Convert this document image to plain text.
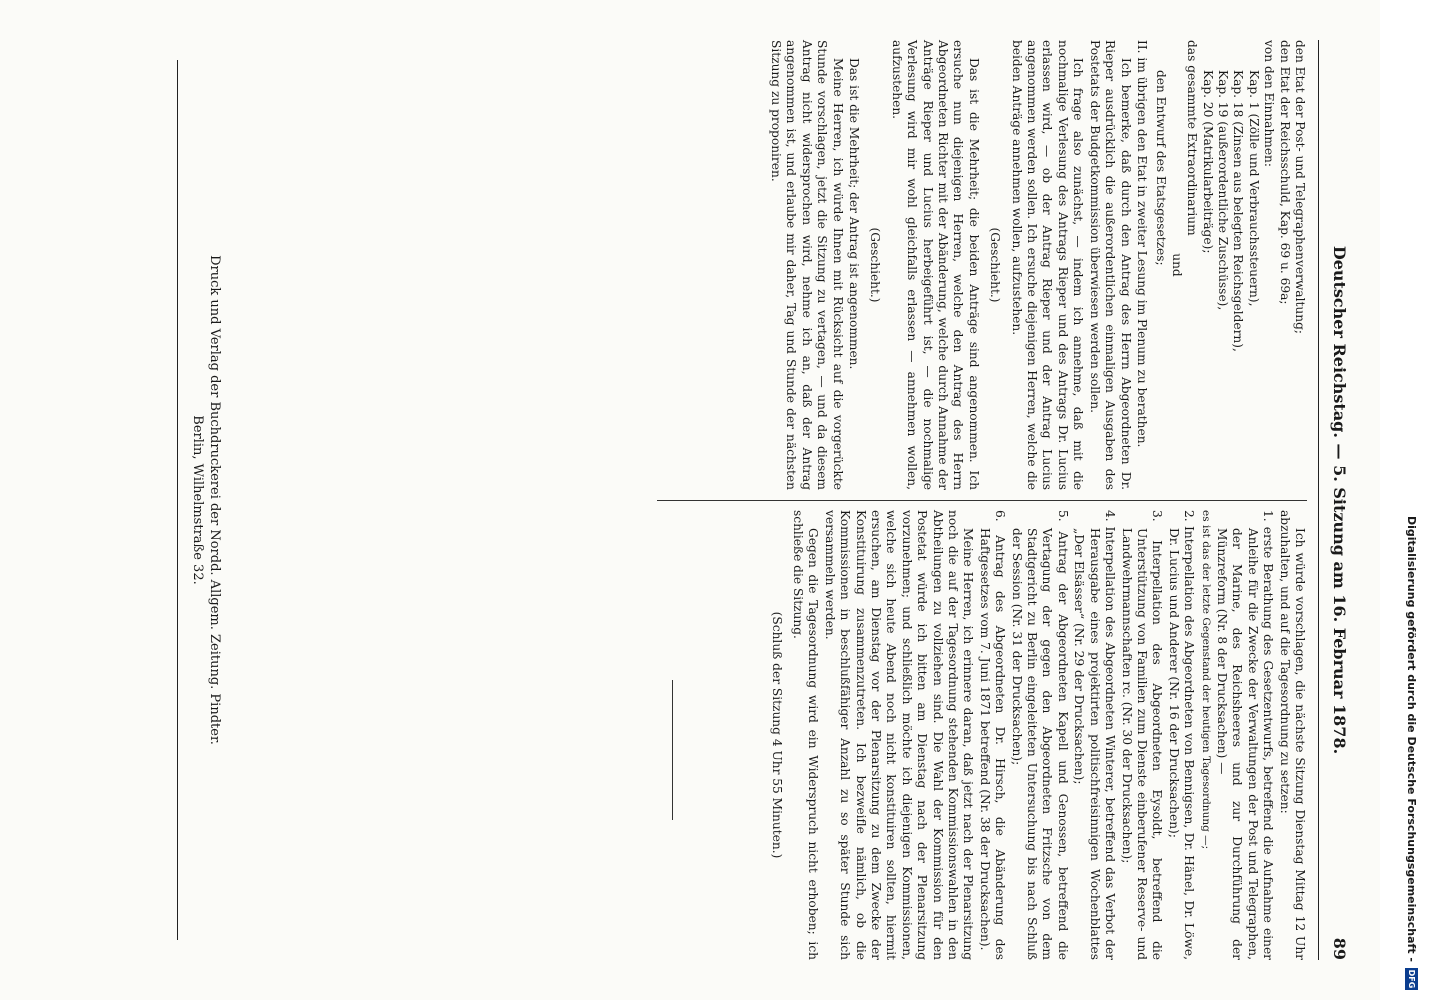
Deutscher Reichstag. — 5. Sitzung am 16. Februar 1878.
89

den Etat der Post- und Telegraphenverwaltung;

den Etat der Reichsschuld, Kap. 69 u. 69a;

von den Einnahmen:

Kap. 1 (Zölle und Verbrauchssteuern),

Kap. 18 (Zinsen aus belegten Reichsgeldern),

Kap. 19 (außerordentliche Zuschüsse),

Kap. 20 (Matrikularbeiträge);

das gesammte Extraordinarium

und

den Entwurf des Etatsgesetzes;

II. im übrigen den Etat in zweiter Lesung im Plenum zu berathen.

Ich bemerke, daß durch den Antrag des Herrn Abgeordneten Dr. Rieper ausdrücklich die außerordentlichen einmaligen Ausgaben des Postetats der Budgetkommission überwiesen werden sollen.

Ich frage also zunächst, — indem ich annehme, daß mit die nochmalige Verlesung des Antrags Rieper und des Antrags Dr. Lucius erlassen wird, — ob der Antrag Rieper und der Antrag Lucius angenommen werden sollen. Ich ersuche diejenigen Herren, welche die beiden Anträge annehmen wollen, aufzustehen.

(Geschieht.)

Das ist die Mehrheit; die beiden Anträge sind angenommen. Ich ersuche nun diejenigen Herren, welche den Antrag des Herrn Abgeordneten Richter mit der Abänderung, welche durch Annahme der Anträge Rieper und Lucius herbeigeführt ist, — die nochmalige Verlesung wird mir wohl gleichfalls erlassen — annehmen wollen, aufzustehen.

(Geschieht.)

Das ist die Mehrheit; der Antrag ist angenommen.

Meine Herren, ich würde Ihnen mit Rücksicht auf die vorgerückte Stunde vorschlagen, jetzt die Sitzung zu vertagen, — und da diesem Antrag nicht widersprochen wird, nehme ich an, daß der Antrag angenommen ist, und erlaube mir daher, Tag und Stunde der nächsten Sitzung zu proponiren.

Ich würde vorschlagen, die nächste Sitzung Dienstag Mittag 12 Uhr abzuhalten, und auf die Tagesordnung zu setzen:

1. erste Berathung des Gesetzentwurfs, betreffend die Aufnahme einer Anleihe für die Zwecke der Verwaltungen der Post und Telegraphen, der Marine, des Reichsheeres und zur Durchführung der Münzreform (Nr. 8 der Drucksachen) —

es ist das der letzte Gegenstand der heutigen Tagesordnung —;

2. Interpellation des Abgeordneten von Bennigsen, Dr. Hänel, Dr. Löwe, Dr. Lucius und Anderer (Nr. 16 der Drucksachen);

3. Interpellation des Abgeordneten Eysoldt, betreffend die Unterstützung von Familien zum Dienste einberufener Reserve- und Landwehrmannschaften rc. (Nr. 30 der Drucksachen);

4. Interpellation des Abgeordneten Winterer, betreffend das Verbot der Herausgabe eines projektirten politischfreisinnigen Wochenblattes „Der Elsässer“ (Nr. 29 der Drucksachen);

5. Antrag der Abgeordneten Kapell und Genossen, betreffend die Vertagung der gegen den Abgeordneten Fritzsche von dem Stadtgericht zu Berlin eingeleiteten Untersuchung bis nach Schluß der Session (Nr. 31 der Drucksachen);

6. Antrag des Abgeordneten Dr. Hirsch, die Abänderung des Haftgesetzes vom 7. Juni 1871 betreffend (Nr. 38 der Drucksachen).

Meine Herren, ich erinnere daran, daß jetzt nach der Plenarsitzung noch die auf der Tagesordnung stehenden Kommissionswahlen in den Abtheilungen zu vollziehen sind. Die Wahl der Kommission für den Postetat würde ich bitten am Dienstag nach der Plenarsitzung vorzunehmen; und schließlich möchte ich diejenigen Kommissionen, welche sich heute Abend noch nicht konstituiren sollten, hiermit ersuchen, am Dienstag vor der Plenarsitzung zu dem Zwecke der Konstituirung zusammenzutreten. Ich bezweifle nämlich, ob die Kommissionen in beschlußfähiger Anzahl zu so später Stunde sich versammeln werden.

Gegen die Tagesordnung wird ein Widerspruch nicht erhoben; ich schließe die Sitzung.

(Schluß der Sitzung 4 Uhr 55 Minuten.)

Druck und Verlag der Buchdruckerei der Nordd. Allgem. Zeitung. Pindter.
Berlin, Wilhelmstraße 32.
Digitalisierung gefördert durch die Deutsche Forschungsgemeinschaft -
DFG
